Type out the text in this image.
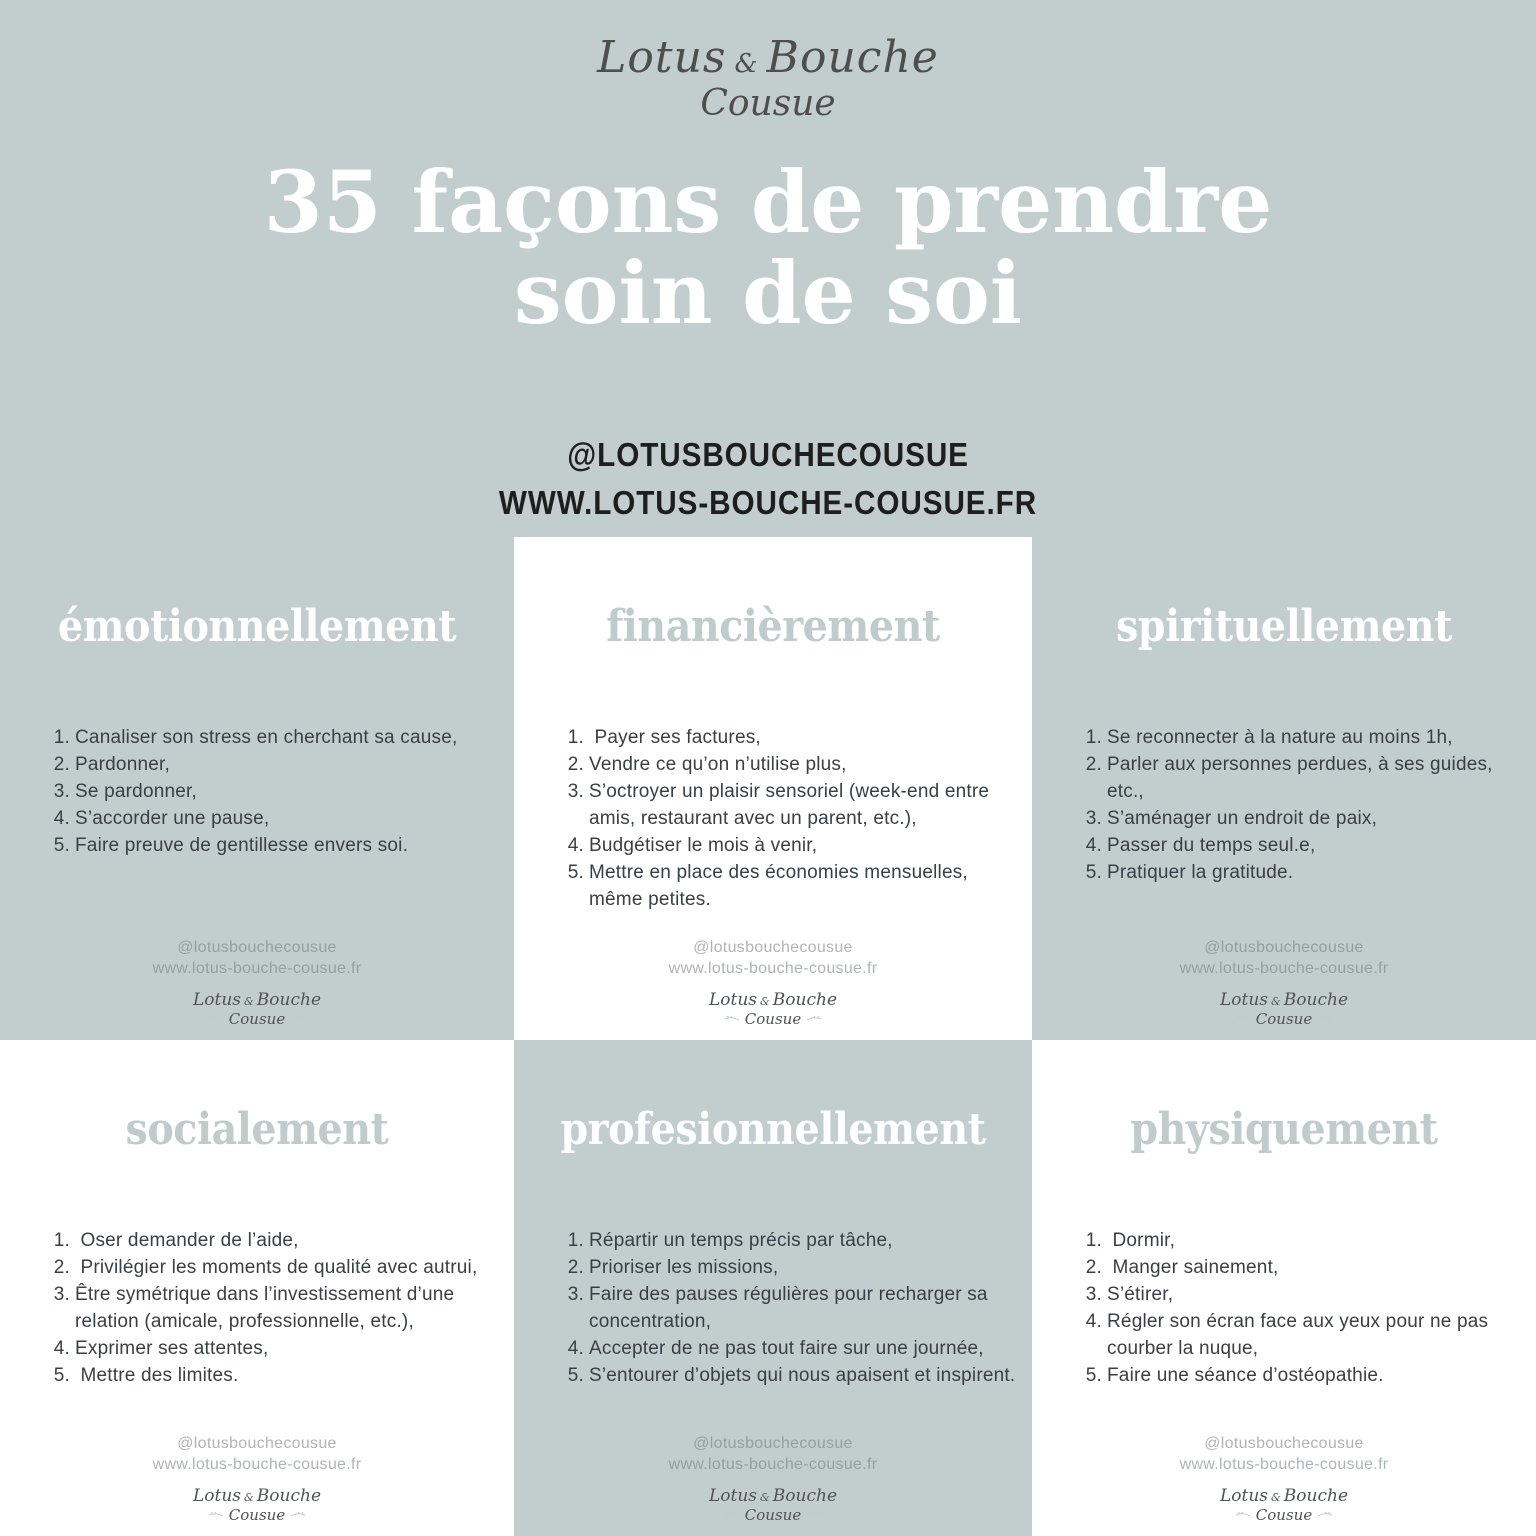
Lotus & Bouche
Cousue
35 façons de prendre
soin de soi
@LOTUSBOUCHECOUSUE
WWW.LOTUS-BOUCHE-COUSUE.FR
émotionnellement
1. Canaliser son stress en cherchant sa cause,
2. Pardonner,
3. Se pardonner,
4. S’accorder une pause,
5. Faire preuve de gentillesse envers soi.
@lotusbouchecousue
www.lotus-bouche-cousue.fr
Lotus & Bouche
Cousue
financièrement
1. Payer ses factures,
2. Vendre ce qu’on n’utilise plus,
3. S’octroyer un plaisir sensoriel (week-end entre amis, restaurant avec un parent, etc.),
4. Budgétiser le mois à venir,
5. Mettre en place des économies mensuelles, même petites.
@lotusbouchecousue
www.lotus-bouche-cousue.fr
Lotus & Bouche
Cousue
spirituellement
1. Se reconnecter à la nature au moins 1h,
2. Parler aux personnes perdues, à ses guides, etc.,
3. S’aménager un endroit de paix,
4. Passer du temps seul.e,
5. Pratiquer la gratitude.
@lotusbouchecousue
www.lotus-bouche-cousue.fr
Lotus & Bouche
Cousue
socialement
1. Oser demander de l’aide,
2. Privilégier les moments de qualité avec autrui,
3. Être symétrique dans l’investissement d’une relation (amicale, professionnelle, etc.),
4. Exprimer ses attentes,
5. Mettre des limites.
@lotusbouchecousue
www.lotus-bouche-cousue.fr
Lotus & Bouche
Cousue
profesionnellement
1. Répartir un temps précis par tâche,
2. Prioriser les missions,
3. Faire des pauses régulières pour recharger sa concentration,
4. Accepter de ne pas tout faire sur une journée,
5. S’entourer d’objets qui nous apaisent et inspirent.
@lotusbouchecousue
www.lotus-bouche-cousue.fr
Lotus & Bouche
Cousue
physiquement
1. Dormir,
2. Manger sainement,
3. S’étirer,
4. Régler son écran face aux yeux pour ne pas courber la nuque,
5. Faire une séance d’ostéopathie.
@lotusbouchecousue
www.lotus-bouche-cousue.fr
Lotus & Bouche
Cousue
